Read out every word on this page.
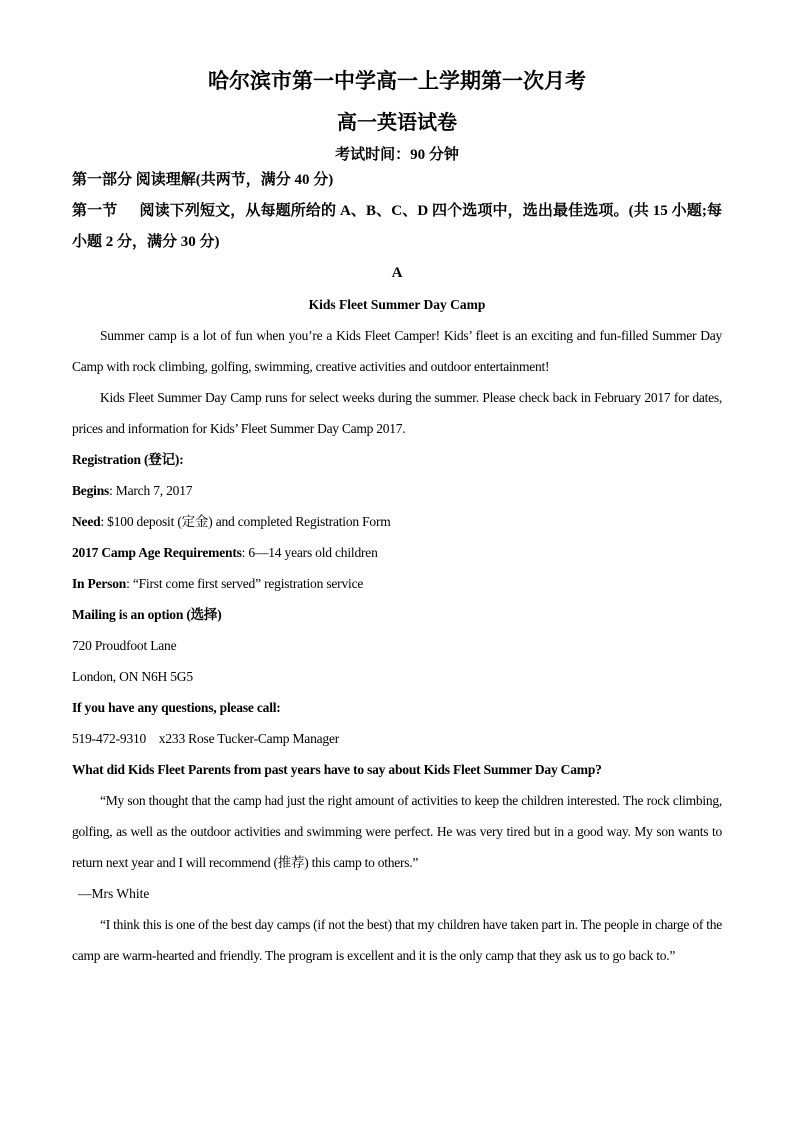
哈尔滨市第一中学高一上学期第一次月考

高一英语试卷

考试时间：90 分钟

第一部分 阅读理解(共两节，满分 40 分)

第一节 阅读下列短文，从每题所给的 A、B、C、D 四个选项中，选出最佳选项。(共 15 小题;每小题 2 分，满分 30 分)

A

Kids Fleet Summer Day Camp

Summer camp is a lot of fun when you’re a Kids Fleet Camper! Kids’ fleet is an exciting and fun-filled Summer Day Camp with rock climbing, golfing, swimming, creative activities and outdoor entertainment!

Kids Fleet Summer Day Camp runs for select weeks during the summer. Please check back in February 2017 for dates, prices and information for Kids’ Fleet Summer Day Camp 2017.

Registration (登记):

Begins: March 7, 2017

Need: $100 deposit (定金) and completed Registration Form

2017 Camp Age Requirements: 6—14 years old children

In Person: “First come first served” registration service

Mailing is an option (选择)

720 Proudfoot Lane

London, ON N6H 5G5

If you have any questions, please call:

519-472-9310    x233 Rose Tucker-Camp Manager

What did Kids Fleet Parents from past years have to say about Kids Fleet Summer Day Camp?

“My son thought that the camp had just the right amount of activities to keep the children interested. The rock climbing, golfing, as well as the outdoor activities and swimming were perfect. He was very tired but in a good way. My son wants to return next year and I will recommend (推荐) this camp to others.”

—Mrs White

“I think this is one of the best day camps (if not the best) that my children have taken part in. The people in charge of the camp are warm-hearted and friendly. The program is excellent and it is the only camp that they ask us to go back to.”
